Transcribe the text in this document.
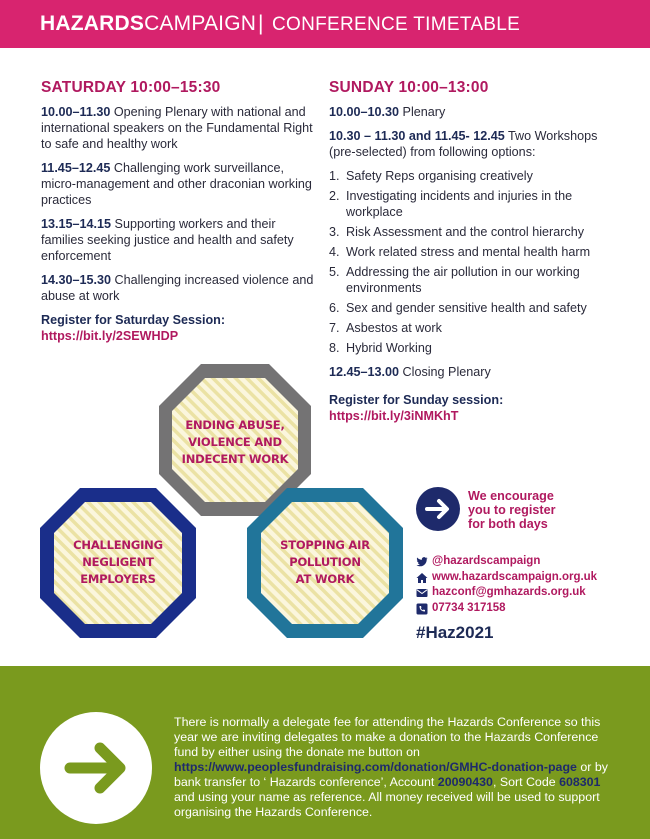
HAZARDSCAMPAIGN | CONFERENCE TIMETABLE
SATURDAY 10:00–15:30

10.00–11.30 Opening Plenary with national and international speakers on the Fundamental Right to safe and healthy work

11.45–12.45 Challenging work surveillance, micro-management and other draconian working practices

13.15–14.15 Supporting workers and their families seeking justice and health and safety enforcement

14.30–15.30 Challenging increased violence and abuse at work

Register for Saturday Session:
https://bit.ly/2SEWHDP
SUNDAY 10:00–13:00

10.00–10.30 Plenary

10.30 – 11.30 and 11.45- 12.45 Two Workshops (pre-selected) from following options:

1. Safety Reps organising creatively
2. Investigating incidents and injuries in the workplace
3. Risk Assessment and the control hierarchy
4. Work related stress and mental health harm
5. Addressing the air pollution in our working environments
6. Sex and gender sensitive health and safety
7. Asbestos at work
8. Hybrid Working

12.45–13.00 Closing Plenary

Register for Sunday session:
https://bit.ly/3iNMKhT
ENDING ABUSE,
VIOLENCE AND
INDECENT WORK
CHALLENGING
NEGLIGENT
EMPLOYERS
STOPPING AIR
POLLUTION
AT WORK
We encourage
you to register
for both days
@hazardscampaign
www.hazardscampaign.org.uk
hazconf@gmhazards.org.uk
07734 317158
#Haz2021
There is normally a delegate fee for attending the Hazards Conference so this year we are inviting delegates to make a donation to the Hazards Conference fund by either using the donate me button on https://www.peoplesfundraising.com/donation/GMHC-donation-page or by bank transfer to ‘ Hazards conference’, Account 20090430, Sort Code 608301 and using your name as reference. All money received will be used to support organising the Hazards Conference.
